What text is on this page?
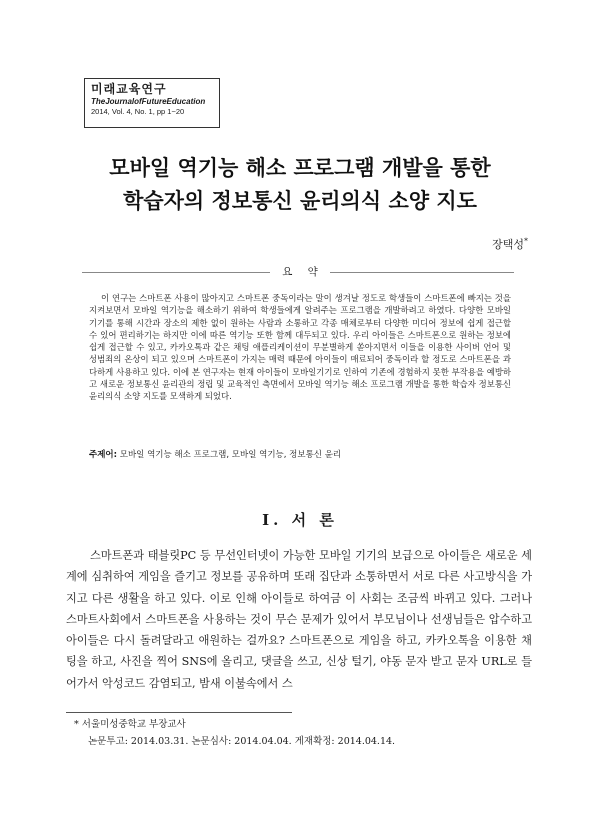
미래교육연구
TheJournalofFutureEducation
2014, Vol. 4, No. 1, pp 1~20
모바일 역기능 해소 프로그램 개발을 통한
학습자의 정보통신 윤리의식 소양 지도
장택성*
요 약

이 연구는 스마트폰 사용이 많아지고 스마트폰 중독이라는 말이 생겨날 정도로 학생들이 스마트폰에 빠지는 것을 지켜보면서 모바일 역기능을 해소하기 위하여 학생들에게 알려주는 프로그램을 개발하려고 하였다. 다양한 모바일 기기를 통해 시간과 장소의 제한 없이 원하는 사람과 소통하고 각종 매체로부터 다양한 미디어 정보에 쉽게 접근할 수 있어 편리하기는 하지만 이에 따른 역기능 또한 함께 대두되고 있다. 우리 아이들은 스마트폰으로 원하는 정보에 쉽게 접근할 수 있고, 카카오톡과 같은 채팅 애플리케이션이 무분별하게 쏟아지면서 이들을 이용한 사이버 언어 및 성범죄의 온상이 되고 있으며 스마트폰이 가지는 매력 때문에 아이들이 매료되어 중독이라 할 정도로 스마트폰을 과다하게 사용하고 있다. 이에 본 연구자는 현재 아이들이 모바일기기로 인하여 기존에 경험하지 못한 부작용을 예방하고 새로운 정보통신 윤리관의 정립 및 교육적인 측면에서 모바일 역기능 해소 프로그램 개발을 통한 학습자 정보통신 윤리의식 소양 지도를 모색하게 되었다.

주제어: 모바일 역기능 해소 프로그램, 모바일 역기능, 정보통신 윤리
Ⅰ. 서 론

스마트폰과 태블릿PC 등 무선인터넷이 가능한 모바일 기기의 보급으로 아이들은 새로운 세계에 심취하여 게임을 즐기고 정보를 공유하며 또래 집단과 소통하면서 서로 다른 사고방식을 가지고 다른 생활을 하고 있다. 이로 인해 아이들로 하여금 이 사회는 조금씩 바뀌고 있다. 그러나 스마트사회에서 스마트폰을 사용하는 것이 무슨 문제가 있어서 부모님이나 선생님들은 압수하고 아이들은 다시 돌려달라고 애원하는 걸까요? 스마트폰으로 게임을 하고, 카카오톡을 이용한 채팅을 하고, 사진을 찍어 SNS에 올리고, 댓글을 쓰고, 신상 털기, 야동 문자 받고 문자 URL로 들어가서 악성코드 감염되고, 밤새 이불속에서 스

* 서울미성중학교 부장교사
논문투고: 2014.03.31. 논문심사: 2014.04.04. 게재확정: 2014.04.14.
